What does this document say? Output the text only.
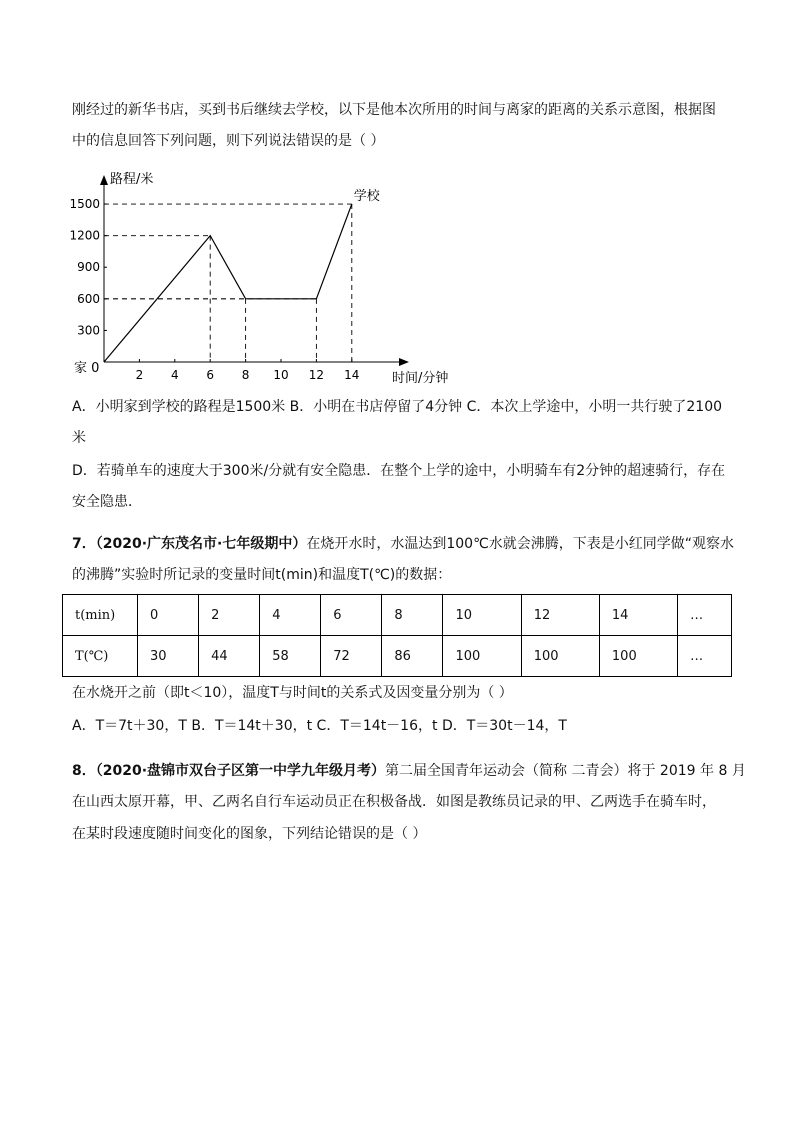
刚经过的新华书店，买到书后继续去学校，以下是他本次所用的时间与离家的距离的关系示意图，根据图
中的信息回答下列问题，则下列说法错误的是（ ）
路程/米
时间/分钟
家 0	2 4 6 8 10 12 14
300
600
900
1200
1500	学校
A．小明家到学校的路程是1500米 B．小明在书店停留了4分钟 C．本次上学途中，小明一共行驶了2100
米
D．若骑单车的速度大于300米/分就有安全隐患．在整个上学的途中，小明骑车有2分钟的超速骑行，存在
安全隐患．
7．（2020·广东茂名市·七年级期中）在烧开水时，水温达到100℃水就会沸腾，下表是小红同学做“观察水
的沸腾”实验时所记录的变量时间t(min)和温度T(℃)的数据：
t(min)	0	2	4	6	8	10	12	14	…
T(℃)	30	44	58	72	86	100	100	100	…
在水烧开之前（即t＜10），温度T与时间t的关系式及因变量分别为（ ）
A．T＝7t＋30，T B．T＝14t＋30，t C．T＝14t－16，t D．T＝30t－14，T
8．（2020·盘锦市双台子区第一中学九年级月考）第二届全国青年运动会（简称 二青会）将于 2019 年 8 月
在山西太原开幕，甲、乙两名自行车运动员正在积极备战．如图是教练员记录的甲、乙两选手在骑车时，
在某时段速度随时间变化的图象，下列结论错误的是（ ）
